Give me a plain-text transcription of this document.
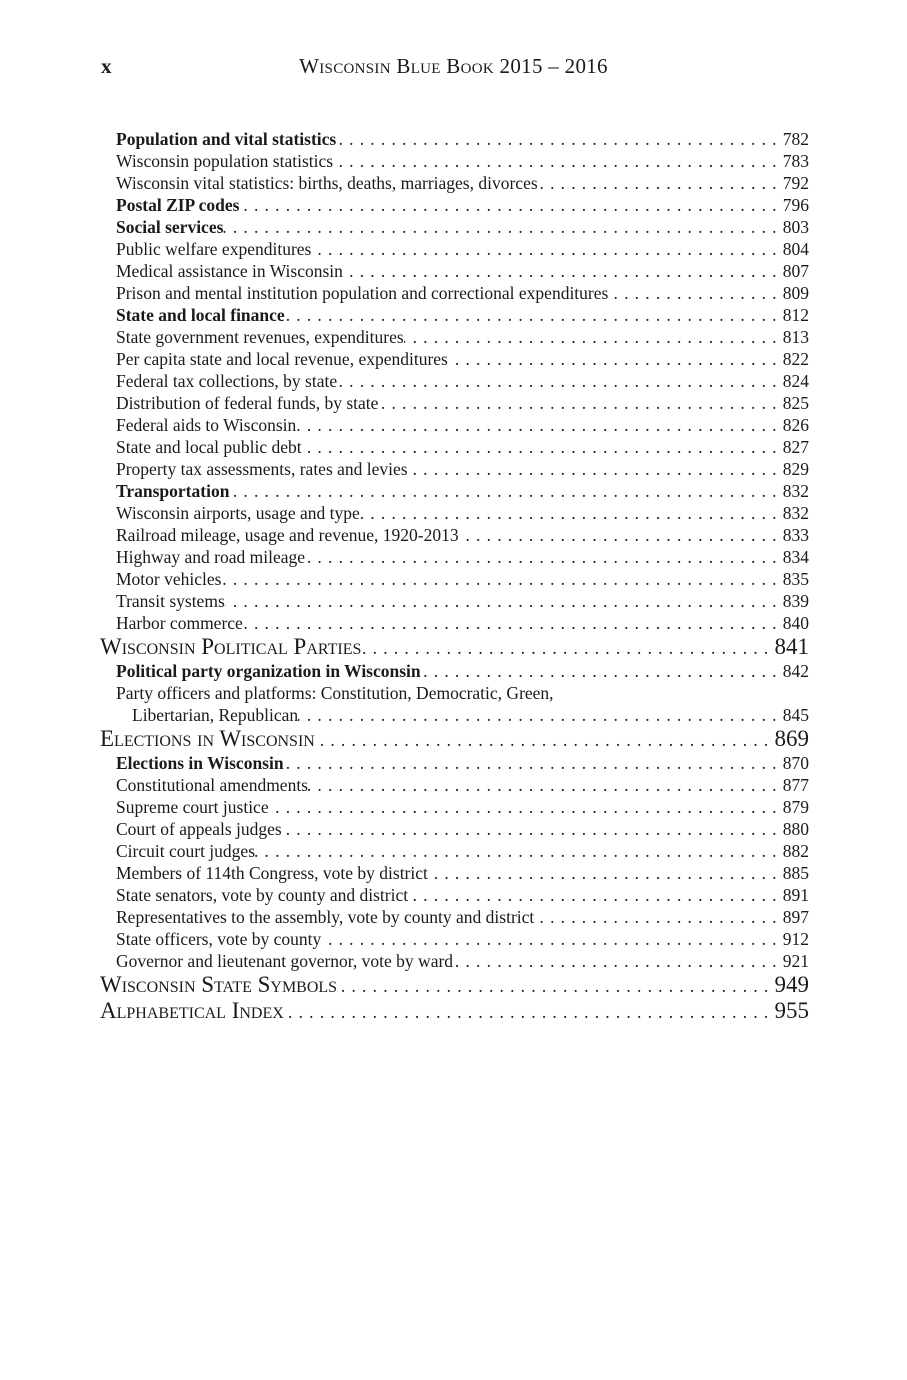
x	Wisconsin Blue Book 2015 – 2016
Population and vital statistics .....	782
Wisconsin population statistics .....	783
Wisconsin vital statistics: births, deaths, marriages, divorces .....	792
Postal ZIP codes .....	796
Social services .....	803
Public welfare expenditures .....	804
Medical assistance in Wisconsin .....	807
Prison and mental institution population and correctional expenditures .....	809
State and local finance .....	812
State government revenues, expenditures .....	813
Per capita state and local revenue, expenditures .....	822
Federal tax collections, by state .....	824
Distribution of federal funds, by state .....	825
Federal aids to Wisconsin .....	826
State and local public debt .....	827
Property tax assessments, rates and levies .....	829
Transportation .....	832
Wisconsin airports, usage and type .....	832
Railroad mileage, usage and revenue, 1920-2013 .....	833
Highway and road mileage .....	834
Motor vehicles .....	835
Transit systems .....	839
Harbor commerce .....	840
Wisconsin Political Parties .....	841
Political party organization in Wisconsin .....	842
Party officers and platforms: Constitution, Democratic, Green,
Libertarian, Republican .....	845
Elections in Wisconsin .....	869
Elections in Wisconsin .....	870
Constitutional amendments .....	877
Supreme court justice .....	879
Court of appeals judges .....	880
Circuit court judges .....	882
Members of 114th Congress, vote by district .....	885
State senators, vote by county and district .....	891
Representatives to the assembly, vote by county and district .....	897
State officers, vote by county .....	912
Governor and lieutenant governor, vote by ward .....	921
Wisconsin State Symbols .....	949
Alphabetical Index .....	955
